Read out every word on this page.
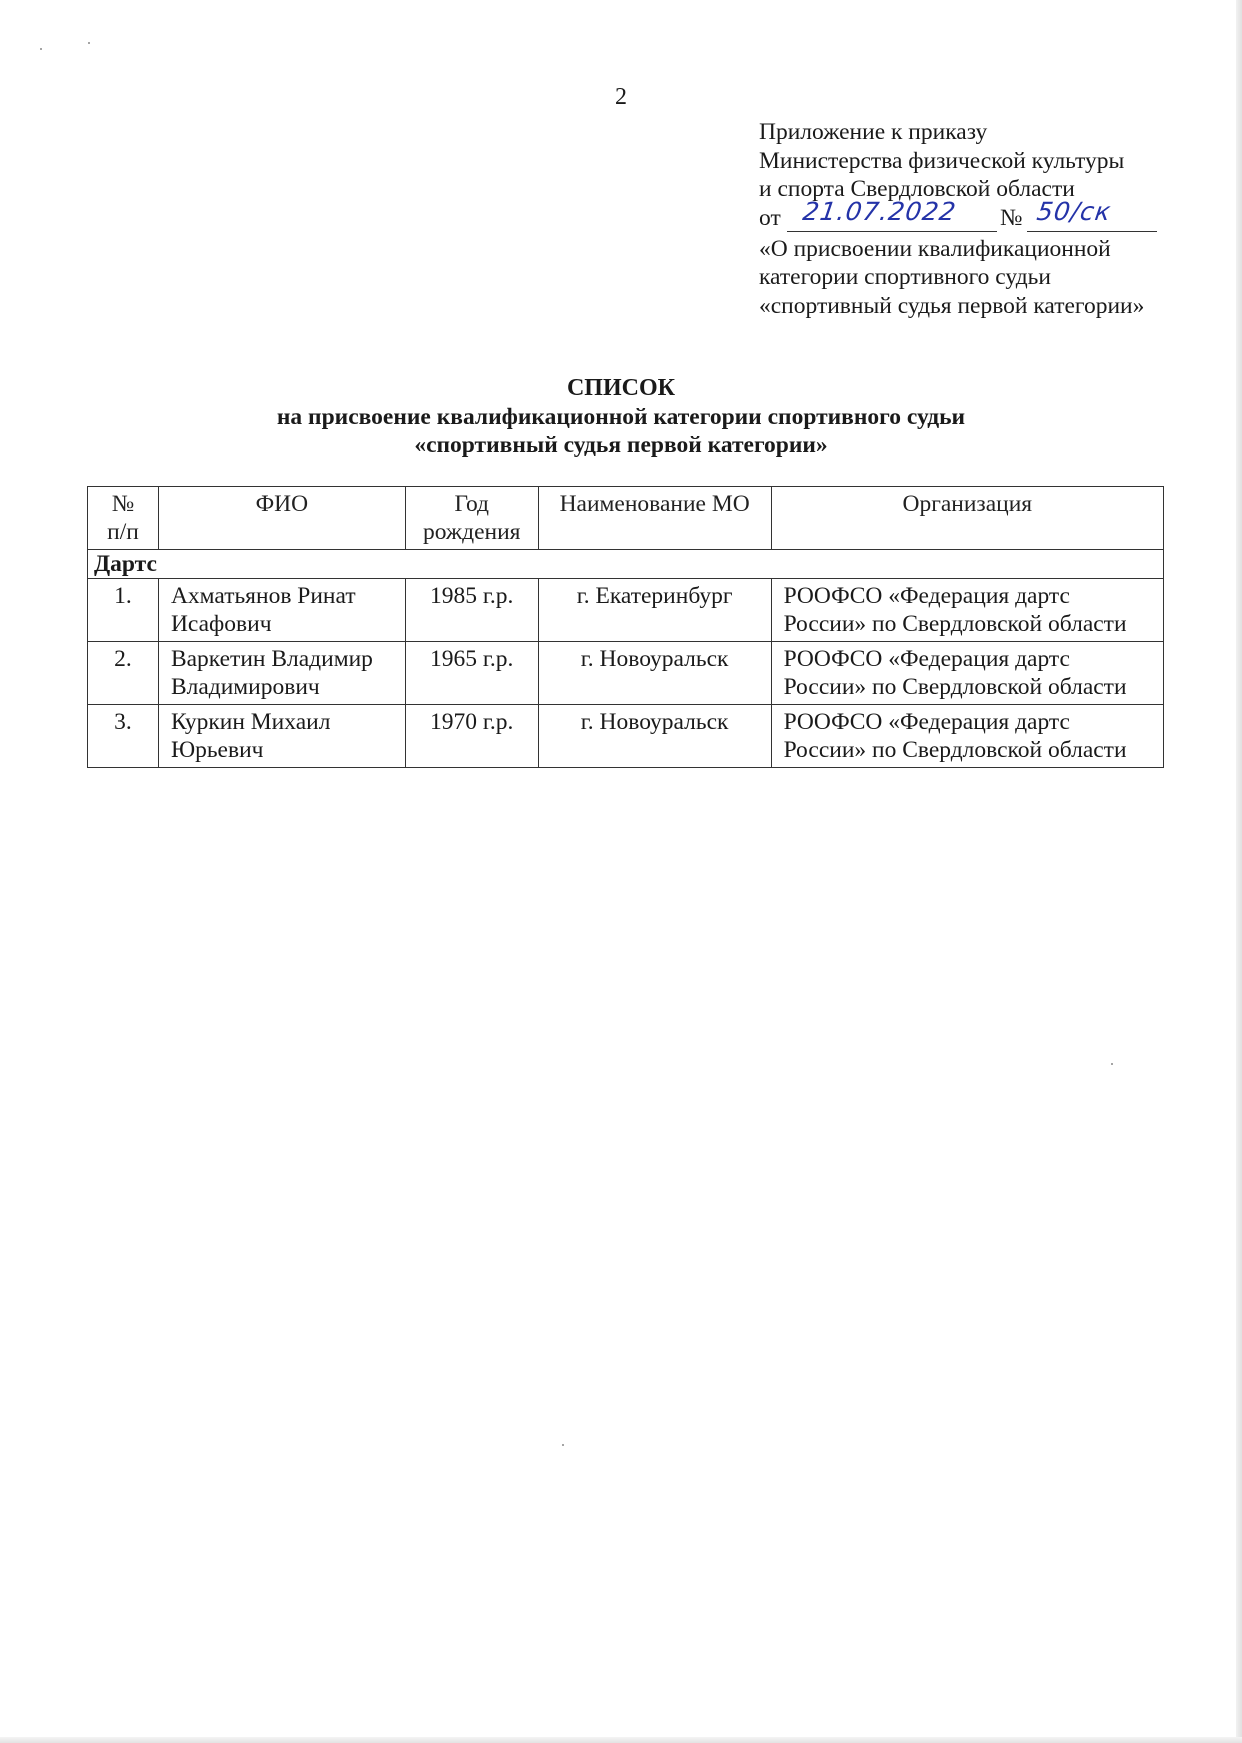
2
Приложение к приказу
Министерства физической культуры
и спорта Свердловской области
от 21.07.2022 № 50/ск
«О присвоении квалификационной
категории спортивного судьи
«спортивный судья первой категории»
СПИСОК
на присвоение квалификационной категории спортивного судьи
«спортивный судья первой категории»
№ п/п	ФИО	Год рождения	Наименование МО	Организация
Дартс				
1.	Ахматьянов Ринат Исафович	1985 г.р.	г. Екатеринбург	РООФСО «Федерация дартс России» по Свердловской области
2.	Варкетин Владимир Владимирович	1965 г.р.	г. Новоуральск	РООФСО «Федерация дартс России» по Свердловской области
3.	Куркин Михаил Юрьевич	1970 г.р.	г. Новоуральск	РООФСО «Федерация дартс России» по Свердловской области
